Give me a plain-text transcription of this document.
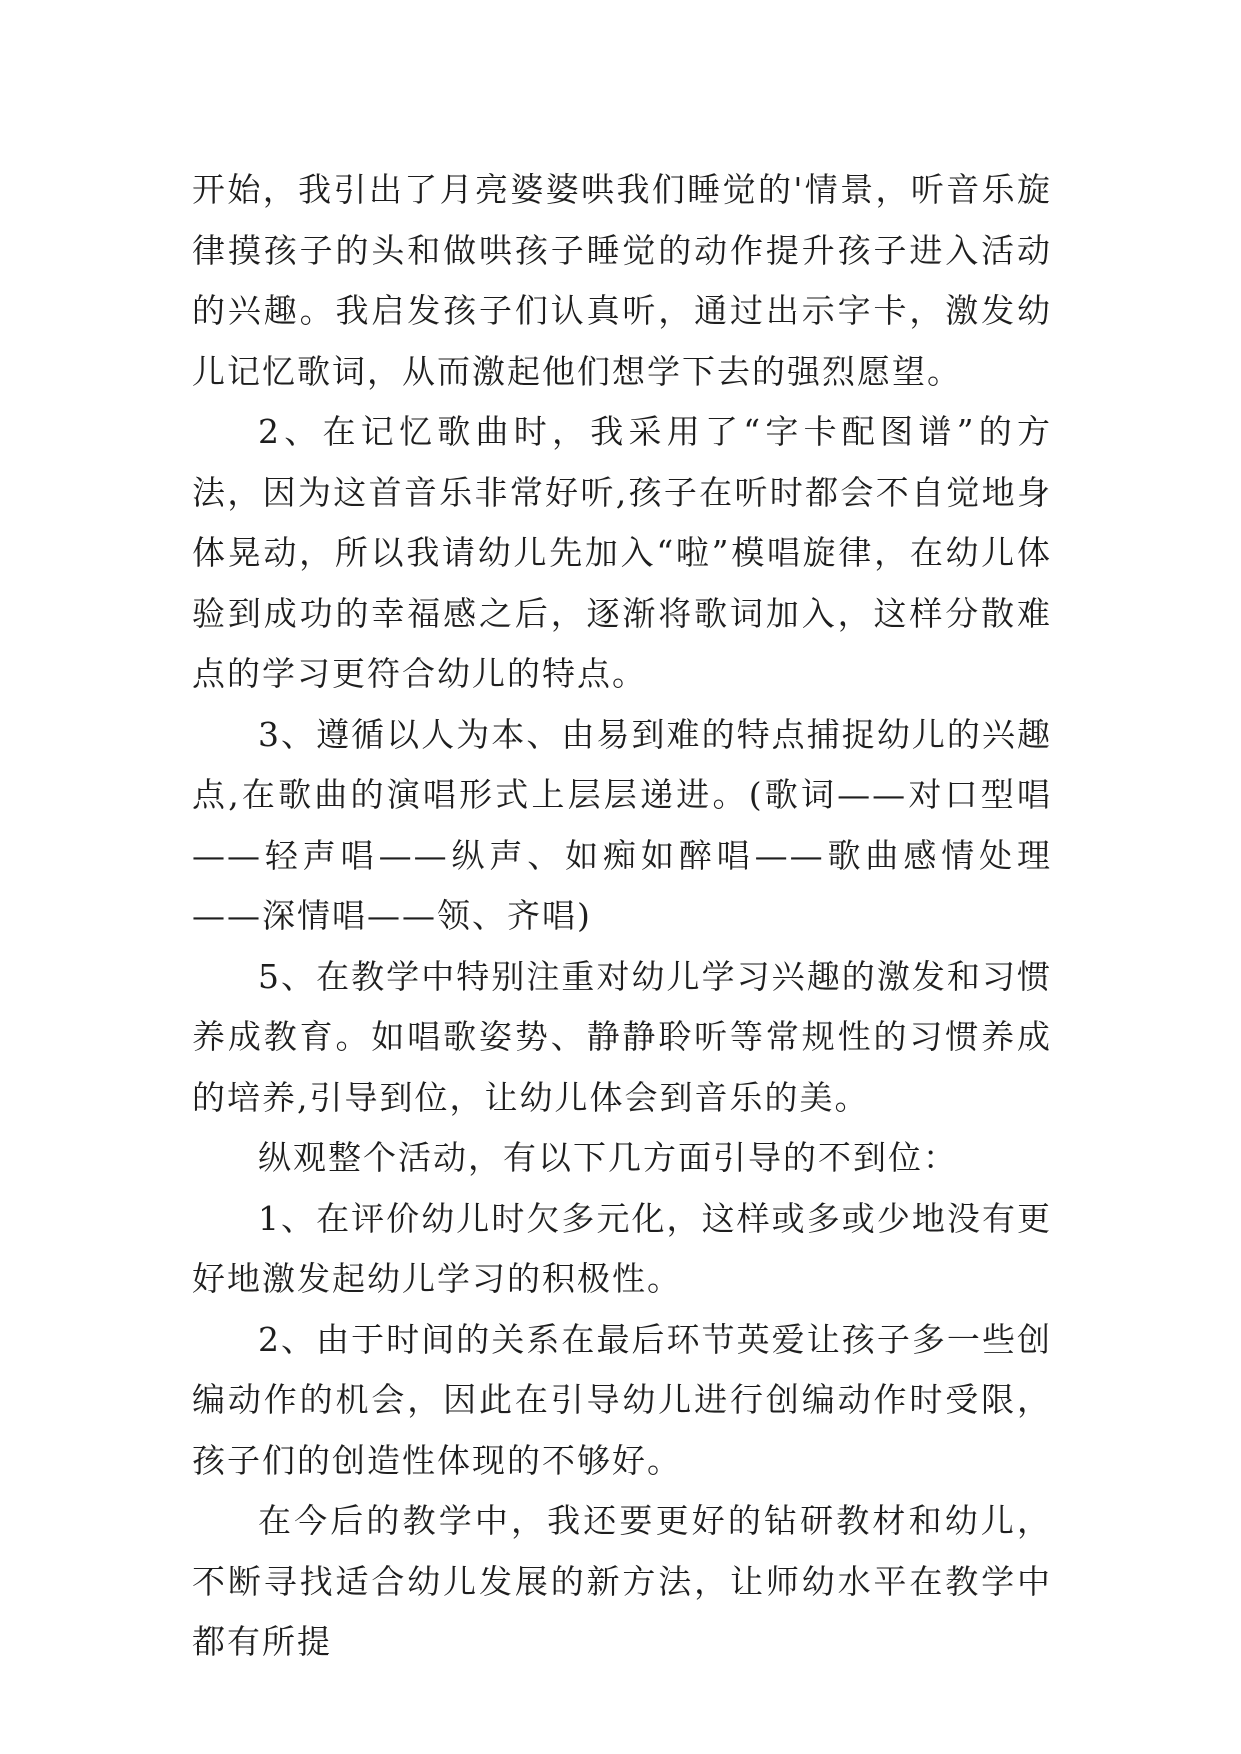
开始，我引出了月亮婆婆哄我们睡觉的'情景，听音乐旋律摸孩子的头和做哄孩子睡觉的动作提升孩子进入活动的兴趣。我启发孩子们认真听，通过出示字卡，激发幼儿记忆歌词，从而激起他们想学下去的强烈愿望。

2、在记忆歌曲时，我采用了“字卡配图谱”的方法，因为这首音乐非常好听,孩子在听时都会不自觉地身体晃动，所以我请幼儿先加入“啦”模唱旋律，在幼儿体验到成功的幸福感之后，逐渐将歌词加入，这样分散难点的学习更符合幼儿的特点。

3、遵循以人为本、由易到难的特点捕捉幼儿的兴趣点,在歌曲的演唱形式上层层递进。(歌词——对口型唱——轻声唱——纵声、如痴如醉唱——歌曲感情处理——深情唱——领、齐唱)

5、在教学中特别注重对幼儿学习兴趣的激发和习惯养成教育。如唱歌姿势、静静聆听等常规性的习惯养成的培养,引导到位，让幼儿体会到音乐的美。

纵观整个活动，有以下几方面引导的不到位：

1、在评价幼儿时欠多元化，这样或多或少地没有更好地激发起幼儿学习的积极性。

2、由于时间的关系在最后环节英爱让孩子多一些创编动作的机会，因此在引导幼儿进行创编动作时受限，孩子们的创造性体现的不够好。

在今后的教学中，我还要更好的钻研教材和幼儿，不断寻找适合幼儿发展的新方法，让师幼水平在教学中都有所提
